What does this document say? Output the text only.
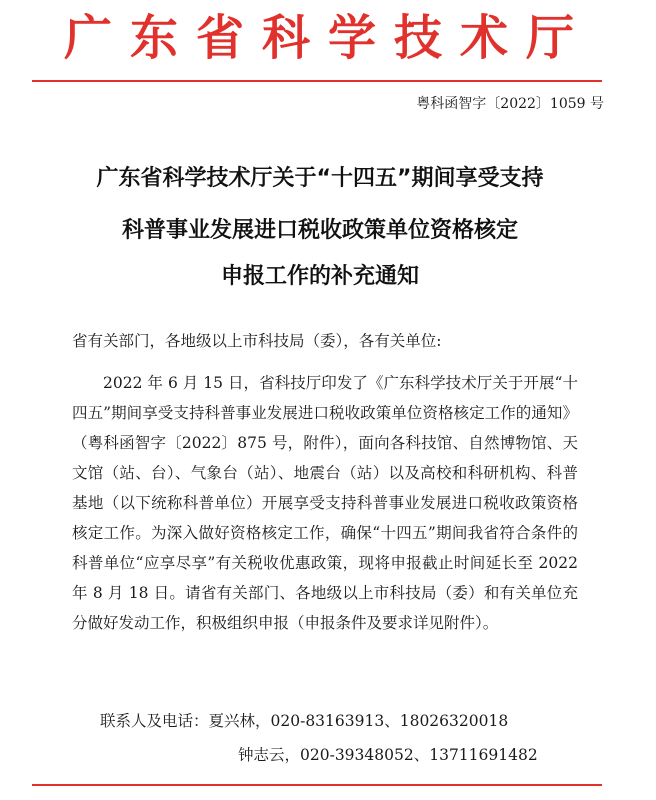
广东省科学技术厅
粤科函智字〔2022〕1059 号
广东省科学技术厅关于“十四五”期间享受支持
科普事业发展进口税收政策单位资格核定
申报工作的补充通知
省有关部门，各地级以上市科技局（委），各有关单位:
2022 年 6 月 15 日，省科技厅印发了《广东科学技术厅关于开展“十四五”期间享受支持科普事业发展进口税收政策单位资格核定工作的通知》（粤科函智字〔2022〕875 号，附件），面向各科技馆、自然博物馆、天文馆（站、台）、气象台（站）、地震台（站）以及高校和科研机构、科普基地（以下统称科普单位）开展享受支持科普事业发展进口税收政策资格核定工作。为深入做好资格核定工作，确保“十四五”期间我省符合条件的科普单位“应享尽享”有关税收优惠政策，现将申报截止时间延长至 2022 年 8 月 18 日。请省有关部门、各地级以上市科技局（委）和有关单位充分做好发动工作，积极组织申报（申报条件及要求详见附件）。
联系人及电话：夏兴林，020-83163913、18026320018
钟志云，020-39348052、13711691482
